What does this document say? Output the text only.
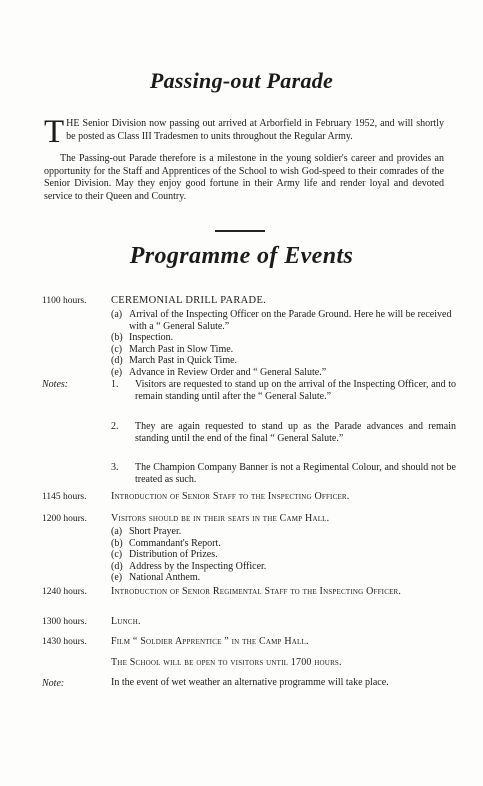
Passing-out Parade

THE Senior Division now passing out arrived at Arborfield in February 1952, and will shortly be posted as Class III Tradesmen to units throughout the Regular Army.

The Passing-out Parade therefore is a milestone in the young soldier's career and provides an opportunity for the Staff and Apprentices of the School to wish God-speed to their comrades of the Senior Division. May they enjoy good fortune in their Army life and render loyal and devoted service to their Queen and Country.

Programme of Events
1100 hours.	CEREMONIAL DRILL PARADE.
(a) Arrival of the Inspecting Officer on the Parade Ground. Here he will be received with a “ General Salute.”
(b) Inspection.
(c) March Past in Slow Time.
(d) March Past in Quick Time.
(e) Advance in Review Order and “ General Salute.”
Notes:	1.	Visitors are requested to stand up on the arrival of the Inspecting Officer, and to remain standing until after the “ General Salute.”
2.	They are again requested to stand up as the Parade advances and remain standing until the end of the final “ General Salute.”
3.	The Champion Company Banner is not a Regimental Colour, and should not be treated as such.
1145 hours.	Introduction of Senior Staff to the Inspecting Officer.
1200 hours.	Visitors should be in their seats in the Camp Hall.
(a) Short Prayer.
(b) Commandant's Report.
(c) Distribution of Prizes.
(d) Address by the Inspecting Officer.
(e) National Anthem.
1240 hours.	Introduction of Senior Regimental Staff to the Inspecting Officer.
1300 hours.	Lunch.
1430 hours.	Film “ Soldier Apprentice ” in the Camp Hall.
The School will be open to visitors until 1700 hours.
Note:	In the event of wet weather an alternative programme will take place.
